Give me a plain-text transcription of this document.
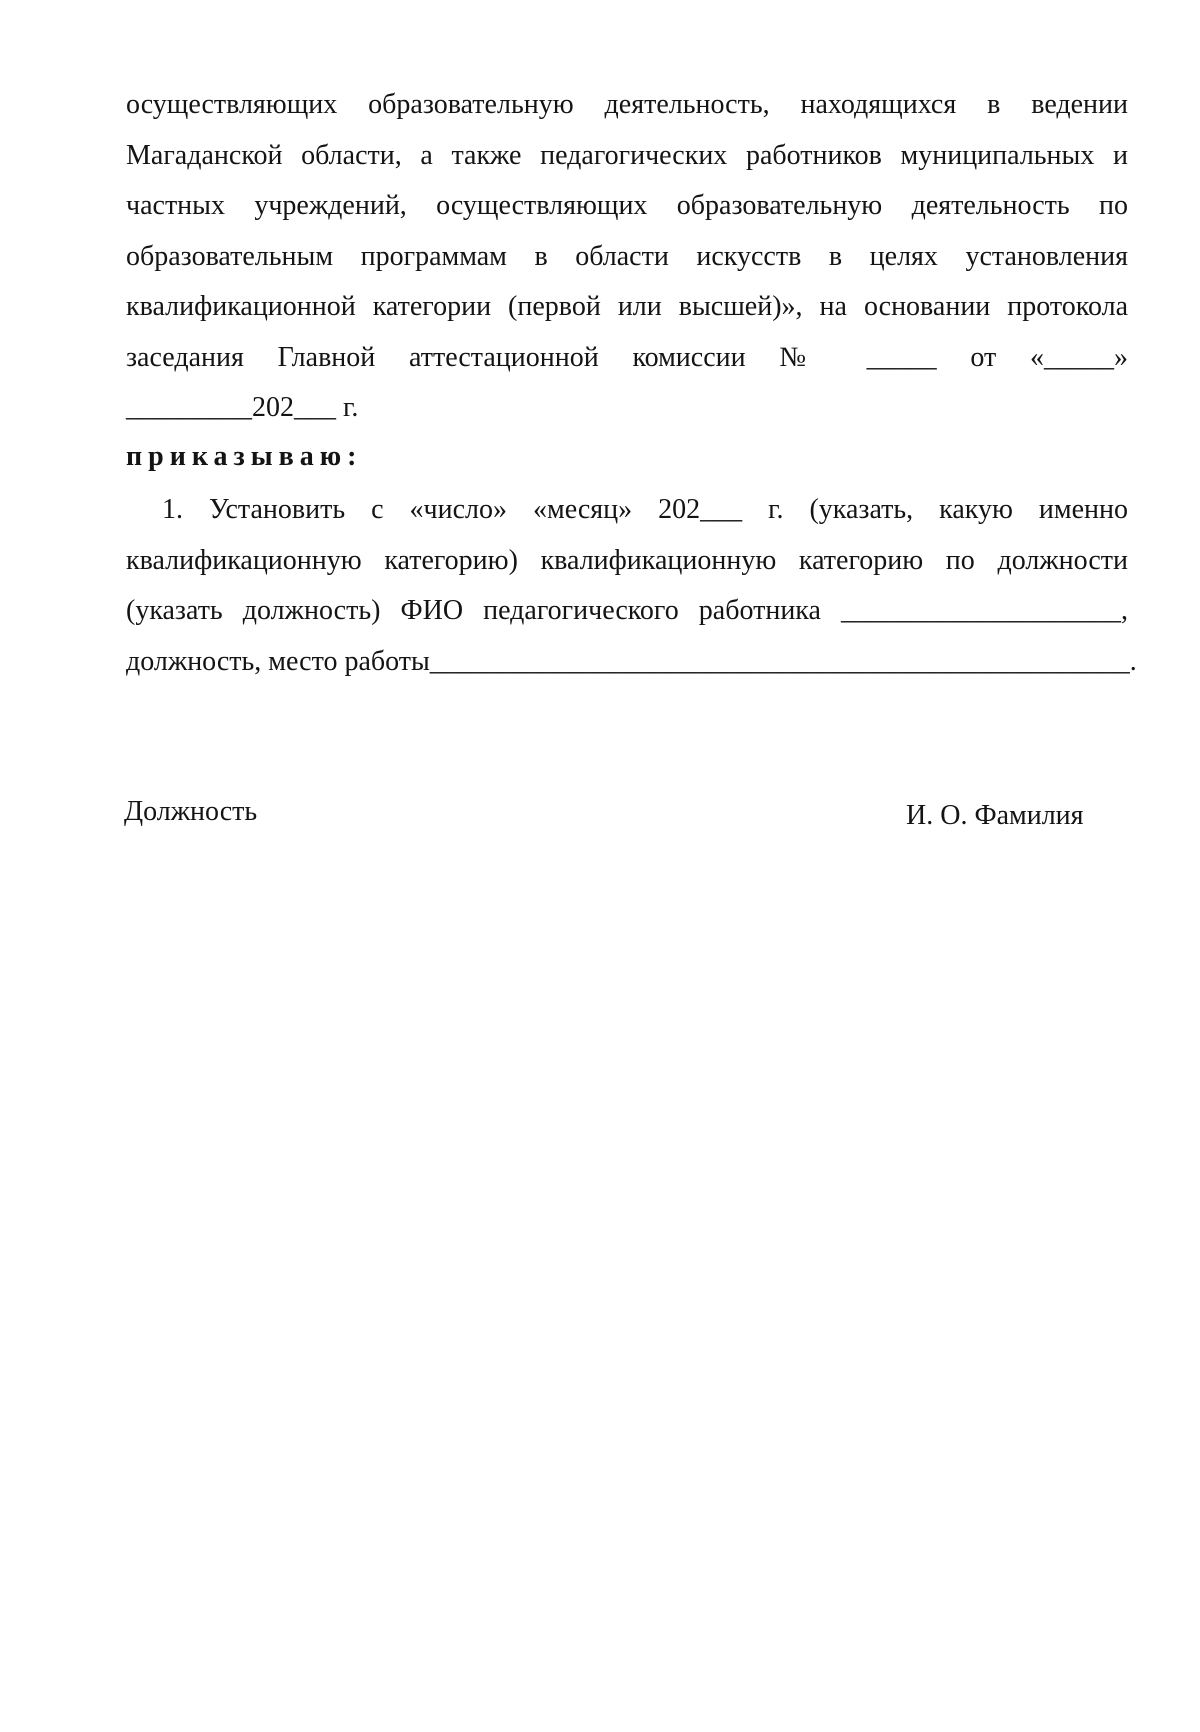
осуществляющих образовательную деятельность, находящихся в ведении
Магаданской области, а также педагогических работников муниципальных и
частных учреждений, осуществляющих образовательную деятельность по
образовательным программам в области искусств в целях установления
квалификационной категории (первой или высшей)», на основании протокола
заседания Главной аттестационной комиссии № _____ от «_____»
_________202___ г.
приказываю:
1. Установить с «число» «месяц» 202___ г. (указать, какую именно
квалификационную категорию) квалификационную категорию по должности
(указать должность) ФИО педагогического работника ____________________,
должность, место работы__________________________________________________.
Должность	И. О. Фамилия
